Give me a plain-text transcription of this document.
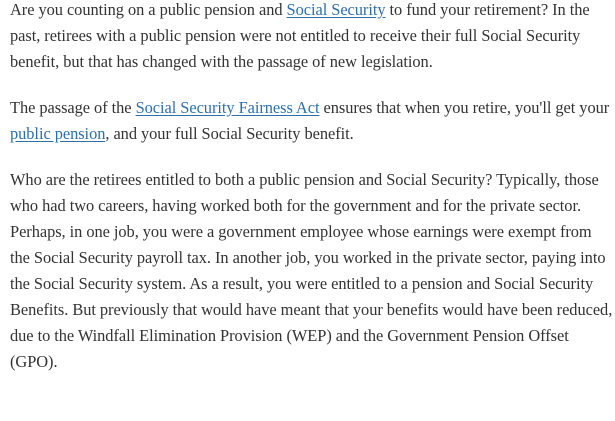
Are you counting on a public pension and Social Security to fund your retirement? In the past, retirees with a public pension were not entitled to receive their full Social Security benefit, but that has changed with the passage of new legislation.

The passage of the Social Security Fairness Act ensures that when you retire, you'll get your public pension, and your full Social Security benefit.

Who are the retirees entitled to both a public pension and Social Security? Typically, those who had two careers, having worked both for the government and for the private sector. Perhaps, in one job, you were a government employee whose earnings were exempt from the Social Security payroll tax. In another job, you worked in the private sector, paying into the Social Security system. As a result, you were entitled to a pension and Social Security Benefits. But previously that would have meant that your benefits would have been reduced, due to the Windfall Elimination Provision (WEP) and the Government Pension Offset (GPO).
